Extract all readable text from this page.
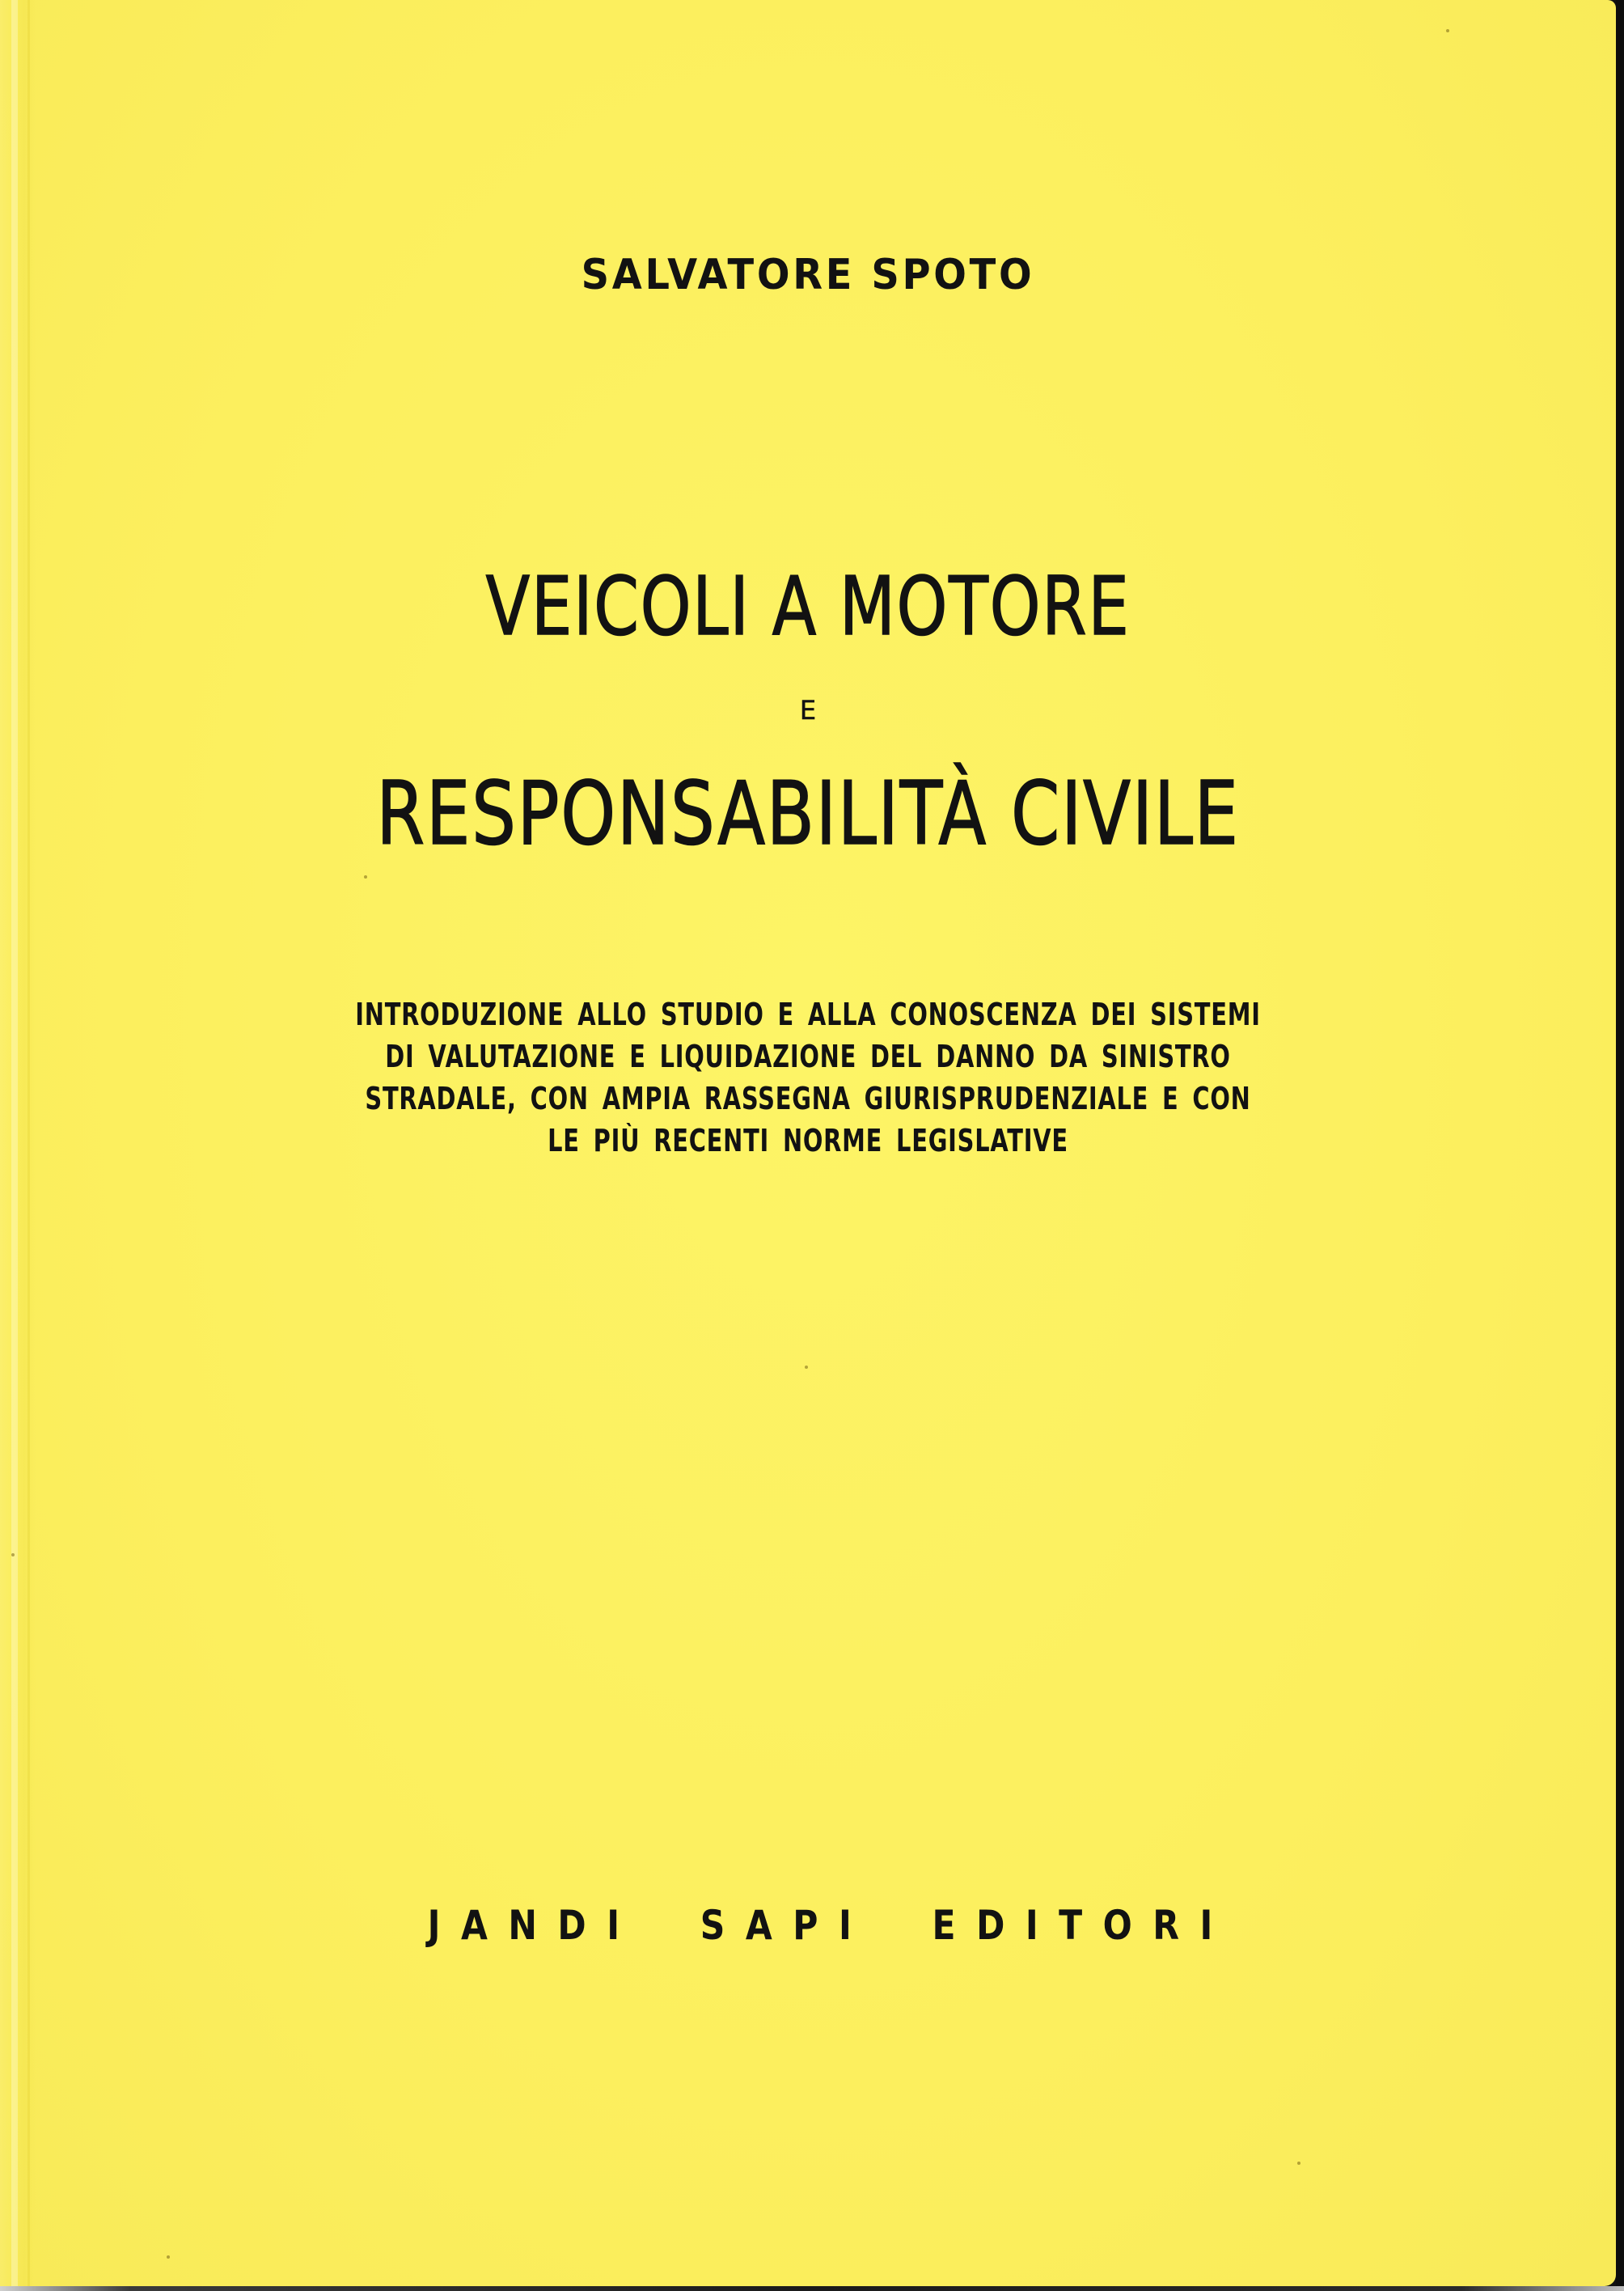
SALVATORE SPOTO

VEICOLI A MOTORE

E

RESPONSABILITÀ CIVILE
INTRODUZIONE ALLO STUDIO E ALLA CONOSCENZA DEI SISTEMI
DI VALUTAZIONE E LIQUIDAZIONE DEL DANNO DA SINISTRO
STRADALE, CON AMPIA RASSEGNA GIURISPRUDENZIALE E CON
LE PIÙ RECENTI NORME LEGISLATIVE

JANDI SAPI EDITORI
